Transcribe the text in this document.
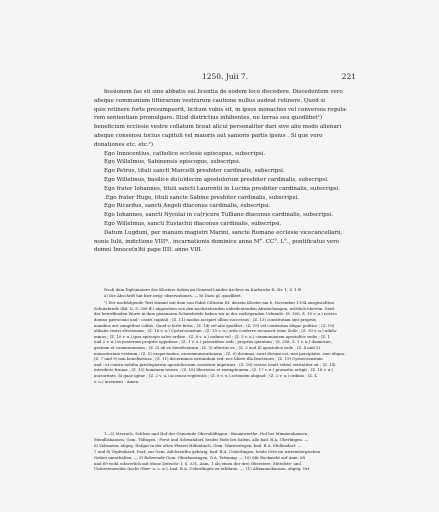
1250. Juli 7.	221

fessionem fas sit sine abbatis sui licentia de eodem loco discedere. Discedentem vero

absque communium litterarum vestrarum cautione nullus audeat retinere. Quod si

quis retinere forte presumpserit, licitum vobis sit, in ipsos monachos vel conversos regula-

rem sententiam promulgare. Illud districtius inhibentes, ne terras seu quodlibet¹)

beneficium ecclesie vestre collatum liceat alicui personaliter dari sive alio modo alienari

absque consensu tocius capituli vel maioris aut sanioris partis ipsius . Si que vero

donationes etc. etc.²)

Ego Innocentius, catholice ecclesie episcopus, subscripsi.

Ego Willelmus, Sabinensis episcopus, subscripsi.

Ego Petrus, tituli sancti Marcelli presbiter cardinalis, subscripsi.

Ego Willelmus, basilice du(o)decim apostolorum presbiter cardinalis, subscripsi.

Ego frater Iohannes, tituli sancti Laurentii in Lucina presbiter cardinalis, subscripsi.

.Ego frater Hugo, tituli sancte Sabine presbiter cardinalis, subscripsi.

Ego Ricardus, sancti Angeli diaconus cardinalis, subscripsi.

Ego Iohannes, sancti Nycolai in ca(r)cere Tulliano diaconus cardinalis, subscripsi.

Ego Willelmus, sancti Eustachii diaconus cardinalis, subscripsi.

Datum Lugduni, per manum magistri Marini, sancte Romane ecclesie vicecancellarii,

nonis Iulii, indictione VIIIª., incarnationis dominice anno M°. CC°. L°., pontificatus vero

domni Innoce(n)tii pape IIII. anno VIII.

Nach dem Diplomatare des Klosters Salem im General-Landes-Archive zu Karlsruhe II, Nr. 1, S. 1 ff.

a) Die Abschrift hat hier irrig: observationes. — b) Dazu gl. quodlibet.

¹) Der nachfolgende Text stimmt mit dem von Pabst Cillestin III. diesem Kloster am 6. November 1194 ausgestellten

Schutzbriefe (Bd. II, S. 306 ff.) abgesehen von den nachstehenden unbedeutenden Abweichungen, wörtlich überein. Statt

der betreffenden Worte in dem genannten Schutzbriefe haben wir in der vorliegenden Urkunde: (S. 306, Z. 10 v. u.) nostro

domno patrocinio und : castri capitali ; (Z. 11) modus accipiet ullius successus ; (Z. 13) constitutam sint propriis

manibus aut sumptibus colitis. Quod si forte feriis ; (Z. 14) vel alia qualibet ; (Z. 19) vel contentius aliquo politico ; (Z. 19)

abbatis vestri electionem ; (Z. 16 v. u.) Cysterciensium ; (Z. 15 v. u.) ordo conferre recusavit (eine Zeile ; (Z. 10 v. u.) nihilo-

minus ; (Z. 10 v. u.) ipsa episcopo salvo ordine ; (Z. 8 v. u.) ordinis vel ; (Z. 3 v. u.) communionem apostolice sedis ; (Z. 1

und 2 v. u.) in posterum propriis oppetisse ; (Z. 1 v. u.) prioratibus sedi ; propriis quantum ; (S. 308, Z. 1 v. u.) domnicae,

gratiam et communionem ; (Z. 3) ab eo beneficiatum ; (Z. 3) ulterius ex ; (Z. 3 und 4) apostolica sede ; (Z. 4 und 5)

monasterium vestrum ; (Z. 5) exspectantes, excommunicationum ; (Z. 6) decimas, sicut dictum est, non percipiatis, sine aliqua ;

(Z. 7 und 9) non benefisetura ; (Z. 11) decernimus irritandum sed: nec libere illa fructiones ; (Z. 19) Cysterciensium

und : et contra indulta privilegiorum apostolicorum constituti impetrari ; (Z. 18) vestris (statt vobis) veritatiter sit ; (Z. 14)

interdicto fruima ; (Z. 15) hominum tenere ; (Z. 18) libertates et exemptionem ; (Z. 17 v. u.) promotio artigit ; (Z. 16 v. u.)

auctoritate. Si quae igitur ; (Z. 2 v. u.) accensu ecgitentis ; (Z. 8 v. u.) actionem aliquod ; (Z. 2 v. u.) ordinis ; (Z. 4

v. u.) invenient . Amen.

1—5) Mesrach, Schloss und Hof der Gemeinde Oberuhldingen ; Bauanwerthe. Hof bei Mimmenhausen ;

Mendlishausen, Gem. Tüfingen ; Forst und Schwandorf, beides Hofe bei Salem, alle bad. B.A. Uberlingen. —

6) Valsmeier, abgeg. Hofgut in der alten Pfarrei Hilfenbach, Gem. Winterstegen, bad. B.A. Pfullendorf. —

7 und 8) Tepfenhard, Dorf, zur Gem. Adelsreuthe gehörig, bad. B.A. Ueberlingen, beide Orte im wirtembergischen

Gebiet unterhalten. — 9) Behwende Gem. Oberhosringen, O.A. Tettnang. — 10) Mit Ruckaicht auf Anm. 68

und 69 wohl schwerlich mit Mone Zeitschr. I, S. 331, Anm. 1 als einen der drei Oberstere, Mittelste- und

Unterstenweiler (nicht Ober- u. s. w.), bad. B.A. Ueberlingen zu erklären. — 11) Altmannshausen, abgeg. Ort
